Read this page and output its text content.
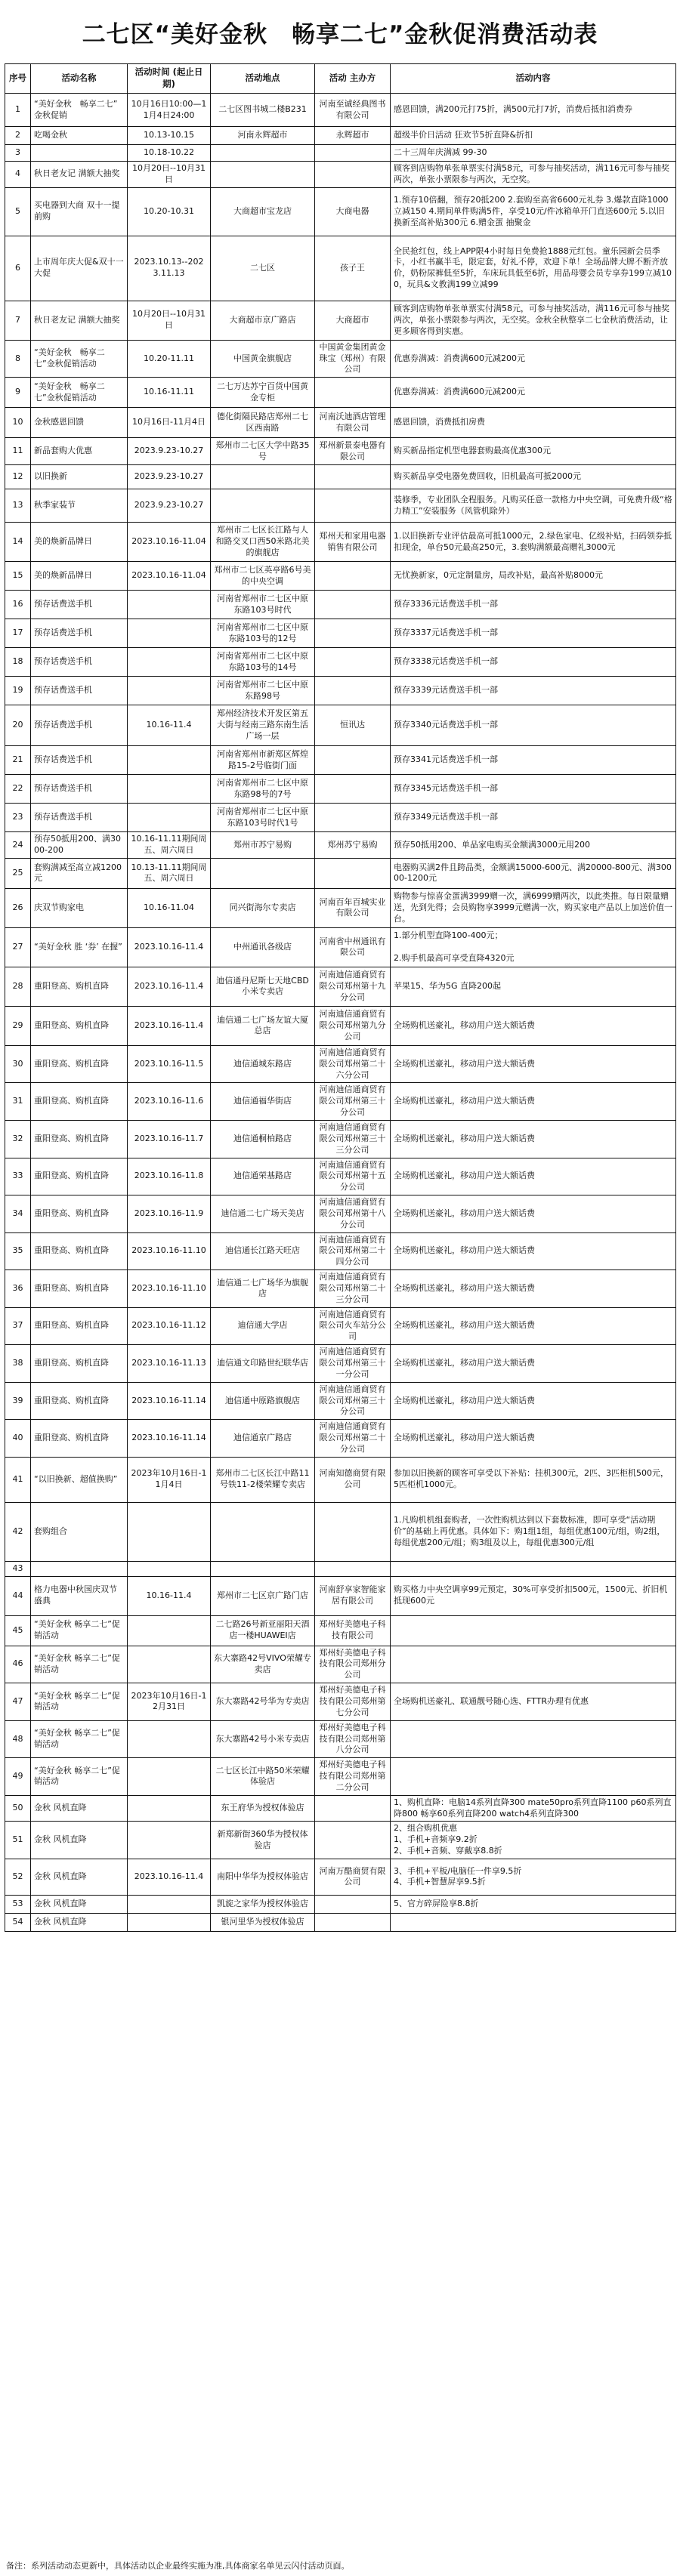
二七区“美好金秋　畅享二七”金秋促消费活动表
序号	活动名称	活动时间 (起止日期)	活动地点	活动 主办方	活动内容
1	“美好金秋　畅享二七”
金秋促销	10月16日10:00—11月4日24:00	二七区图书城二楼B231	河南至诚经典图书有限公司	感恩回馈，满200元打75折，满500元打7折，消费后抵扣消费券
2	吃喝金秋	10.13-10.15	河南永辉超市	永辉超市	超级半价日活动 狂欢节5折直降&折扣
3		10.18-10.22			二十三周年庆满减 99-30
4	秋日老友记 满额大抽奖	10月20日--10月31日			顾客到店购物单张单票实付满58元，可参与抽奖活动，满116元可参与抽奖两次，单张小票限参与两次，无空奖。
5	买电器到大商 双十一提前购	10.20-10.31	大商超市宝龙店	大商电器	1.预存10倍翻，预存20抵200 2.套购至高省6600元礼券 3.爆款直降1000立减150 4.期间单件购满5件，享受10元/件冰箱单开门直送600元 5.以旧换新至高补贴300元 6.赠金蛋 抽聚金
6	上市周年庆大促&双十一大促	2023.10.13--2023.11.13	二七区	孩子王	全民抢红包，线上APP限4小时每日免费抢1888元红包。童乐园新会员季卡，小红书赢半毛，限定套，好礼不停，欢迎下单！全场品牌大牌不断齐放价，奶粉尿裤低至5折，车床玩具低至6折，用品母婴会员专享券199立减100，玩具&文教满199立减99
7	秋日老友记 满额大抽奖	10月20日--10月31日	大商超市京广路店	大商超市	顾客到店购物单张单票实付满58元，可参与抽奖活动，满116元可参与抽奖两次，单张小票限参与两次，无空奖。金秋全秋整享二七金秋消费活动，让更多顾客得到实惠。
8	“美好金秋　畅享二七”金秋促销活动	10.20-11.11	中国黄金旗舰店	中国黄金集团黄金珠宝（郑州）有限公司	优惠券满减：消费满600元减200元
9	“美好金秋　畅享二七”金秋促销活动	10.16-11.11	二七万达苏宁百货中国黄金专柜		优惠券满减：消费满600元减200元
10	金秋感恩回馈	10月16日-11月4日	德化街隔民路店郑州二七区西南路	河南沃迪酒店管理有限公司	感恩回馈，消费抵扣房费
11	新品套购大优惠	2023.9.23-10.27	郑州市二七区大学中路35号	郑州新景泰电器有限公司	购买新品指定机型电器套购最高优惠300元
12	以旧换新	2023.9.23-10.27			购买新品享受电器免费回收，旧机最高可抵2000元
13	秋季家装节	2023.9.23-10.27			装修季，专业团队全程服务。凡购买任意一款格力中央空调，可免费升级“格力精工”安装服务（风管机除外）
14	美的焕新品牌日	2023.10.16-11.04	郑州市二七区长江路与人和路交叉口西50米路北美的旗舰店	郑州天和家用电器销售有限公司	1.以旧换新专业评估最高可抵1000元，2.绿色家电、亿级补贴，扫码领券抵扣现金，单台50元最高250元，3.套购满额最高赠礼3000元
15	美的焕新品牌日	2023.10.16-11.04	郑州市二七区英亭路6号美的中央空调		无忧换新家，0元定制量房，局改补贴，最高补贴8000元
16	预存话费送手机		河南省郑州市二七区中原东路103号时代		预存3336元话费送手机一部
17	预存话费送手机		河南省郑州市二七区中原东路103号的12号		预存3337元话费送手机一部
18	预存话费送手机		河南省郑州市二七区中原东路103号的14号		预存3338元话费送手机一部
19	预存话费送手机		河南省郑州市二七区中原东路98号		预存3339元话费送手机一部
20	预存话费送手机	10.16-11.4	郑州经济技术开发区第五大街与经南三路东南生活广场一层	恒讯达	预存3340元话费送手机一部
21	预存话费送手机		河南省郑州市新郑区辉煌路15-2号临街门面		预存3341元话费送手机一部
22	预存话费送手机		河南省郑州市二七区中原东路98号的7号		预存3345元话费送手机一部
23	预存话费送手机		河南省郑州市二七区中原东路103号时代1号		预存3349元话费送手机一部
24	预存50抵用200、满3000-200	10.16-11.11期间周五、周六周日	郑州市苏宁易购	郑州苏宁易购	预存50抵用200、单品家电购买金额满3000元用200
25	套购满减至高立减1200元	10.13-11.11期间周五、周六周日			电器购买满2件且跨品类，金额满15000-600元、满20000-800元、满30000-1200元
26	庆双节购家电	10.16-11.04	同兴街海尔专卖店	河南百年百城实业有限公司	购物参与惊喜金蛋满3999赠一次，满6999赠两次，以此类推。每日限量赠送，先到先得；会员购物享3999元赠满一次，购买家电产品以上加送价值一台。
27	“美好金秋 胜 ‘券’ 在握”	2023.10.16-11.4	中州通讯各级店	河南省中州通讯有限公司	1.部分机型直降100-400元；

2.购手机最高可享受直降4320元
28	重阳登高、购机直降	2023.10.16-11.4	迪信通丹尼斯七天地CBD小米专卖店	河南迪信通商贸有限公司郑州第十九分公司	苹果15、华为5G 直降200起
29	重阳登高、购机直降	2023.10.16-11.4	迪信通二七广场友谊大厦总店	河南迪信通商贸有限公司郑州第九分公司	全场购机送豪礼，移动用户送大额话费
30	重阳登高、购机直降	2023.10.16-11.5	迪信通城东路店	河南迪信通商贸有限公司郑州第二十六分公司	全场购机送豪礼，移动用户送大额话费
31	重阳登高、购机直降	2023.10.16-11.6	迪信通福华街店	河南迪信通商贸有限公司郑州第三十分公司	全场购机送豪礼，移动用户送大额话费
32	重阳登高、购机直降	2023.10.16-11.7	迪信通桐柏路店	河南迪信通商贸有限公司郑州第三十三分公司	全场购机送豪礼，移动用户送大额话费
33	重阳登高、购机直降	2023.10.16-11.8	迪信通荣基路店	河南迪信通商贸有限公司郑州第十五分公司	全场购机送豪礼，移动用户送大额话费
34	重阳登高、购机直降	2023.10.16-11.9	迪信通二七广场天美店	河南迪信通商贸有限公司郑州第十八分公司	全场购机送豪礼，移动用户送大额话费
35	重阳登高、购机直降	2023.10.16-11.10	迪信通长江路天旺店	河南迪信通商贸有限公司郑州第二十四分公司	全场购机送豪礼，移动用户送大额话费
36	重阳登高、购机直降	2023.10.16-11.10	迪信通二七广场华为旗舰店	河南迪信通商贸有限公司郑州第二十三分公司	全场购机送豪礼，移动用户送大额话费
37	重阳登高、购机直降	2023.10.16-11.12	迪信通大学店	河南迪信通商贸有限公司火车站分公司	全场购机送豪礼，移动用户送大额话费
38	重阳登高、购机直降	2023.10.16-11.13	迪信通文印路世纪联华店	河南迪信通商贸有限公司郑州第三十一分公司	全场购机送豪礼，移动用户送大额话费
39	重阳登高、购机直降	2023.10.16-11.14	迪信通中原路旗舰店	河南迪信通商贸有限公司郑州第三十分公司	全场购机送豪礼，移动用户送大额话费
40	重阳登高、购机直降	2023.10.16-11.14	迪信通京广路店	河南迪信通商贸有限公司郑州第二十分公司	全场购机送豪礼，移动用户送大额话费
41	“以旧换新、超值换购”	2023年10月16日-11月4日	郑州市二七区长江中路11号铁11-2楼荣耀专卖店	河南知德商贸有限公司	参加以旧换新的顾客可享受以下补贴：挂机300元，2匹、3匹柜机500元，5匹柜机1000元。
42	套购组合				1.凡购机机组套购者，一次性购机达到以下套数标准，即可享受“活动期价”的基础上再优惠。具体如下：购1组1组，每组优惠100元/组，购2组，每组优惠200元/组；购3组及以上，每组优惠300元/组
43					
44	格力电器中秋国庆双节盛典	10.16-11.4	郑州市二七区京广路门店	河南舒享家智能家居有限公司	购买格力中央空调享99元预定，30%可享受折扣500元，1500元、折旧机抵现600元
45	“美好金秋 畅享二七”促销活动		二七路26号新亚丽阳天酒店一楼HUAWEI店	郑州好美德电子科技有限公司	
46	“美好金秋 畅享二七”促销活动		东大寨路42号VIVO荣耀专卖店	郑州好美德电子科技有限公司郑州分公司	
47	“美好金秋 畅享二七”促销活动	2023年10月16日-12月31日	东大寨路42号华为专卖店	郑州好美德电子科技有限公司郑州第七分公司	全场购机送豪礼、联通靓号随心选、FTTR办理有优惠
48	“美好金秋 畅享二七”促销活动		东大寨路42号小米专卖店	郑州好美德电子科技有限公司郑州第八分公司	
49	“美好金秋 畅享二七”促销活动		二七区长江中路50米荣耀体验店	郑州好美德电子科技有限公司郑州第二分公司	
50	金秋 风机直降		东王府华为授权体验店		1、购机直降：电脑14系列直降300 mate50pro系列直降1100 p60系列直降800 畅享60系列直降200 watch4系列直降300
51	金秋 风机直降		新郑新街360华为授权体验店		2、组合购机优惠
1、手机+音频享9.2折
2、手机+音频、穿戴享8.8折
52	金秋 风机直降	2023.10.16-11.4	南阳中华华为授权体验店	河南万酷商贸有限公司	3、手机+平板/电脑任一件享9.5折
4、手机+智慧屏享9.5折
53	金秋 风机直降		凯旋之家华为授权体验店		5、官方碎屏险享8.8折
54	金秋 风机直降		银河里华为授权体验店		
备注：系列活动动态更新中，具体活动以企业最终实施为准,具体商家名单见云闪付活动页面。
